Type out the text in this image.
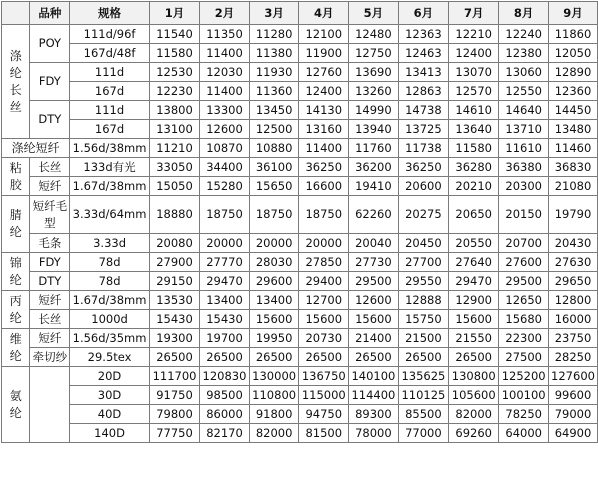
	品种	规格	1月	2月	3月	4月	5月	6月	7月	8月	9月
涤纶长丝	POY	111d/96f	11540	11350	11280	12100	12480	12363	12210	12240	11860
		167d/48f	11580	11400	11380	11900	12750	12463	12400	12380	12050
	FDY	111d	12530	12030	11930	12760	13690	13413	13070	13060	12890
		167d	12230	11400	11360	12400	13260	12863	12570	12550	12360
	DTY	111d	13800	13300	13450	14130	14990	14738	14610	14640	14450
		167d	13100	12600	12500	13160	13940	13725	13640	13710	13480
涤纶短纤		1.56d/38mm	11210	10870	10880	11400	11760	11738	11580	11610	11460
粘胶	长丝	133d有光	33050	34400	36100	36250	36200	36250	36280	36380	36830
	短纤	1.67d/38mm	15050	15280	15650	16600	19410	20600	20210	20300	21080
腈纶	短纤毛型	3.33d/64mm	18880	18750	18750	18750	62260	20275	20650	20150	19790
	毛条	3.33d	20080	20000	20000	20000	20040	20450	20550	20700	20430
锦纶	FDY	78d	27900	27770	28030	27850	27730	27700	27640	27600	27630
	DTY	78d	29150	29470	29600	29400	29500	29550	29470	29500	29650
丙纶	短纤	1.67d/38mm	13530	13400	13400	12700	12600	12888	12900	12650	12800
	长丝	1000d	15430	15430	15600	15600	15600	15750	15600	15680	16000
维纶	短纤	1.56d/35mm	19300	19700	19950	20730	21400	21500	21550	22300	23750
	牵切纱	29.5tex	26500	26500	26500	26500	26500	26500	26500	27500	28250
氨纶		20D	111700	120830	130000	136750	140100	135625	130800	125200	127600
		30D	91750	98500	110800	115000	114400	110125	105600	100100	99600
		40D	79800	86000	91800	94750	89300	85500	82000	78250	79000
		140D	77750	82170	82000	81500	78000	77000	69260	64000	64900
